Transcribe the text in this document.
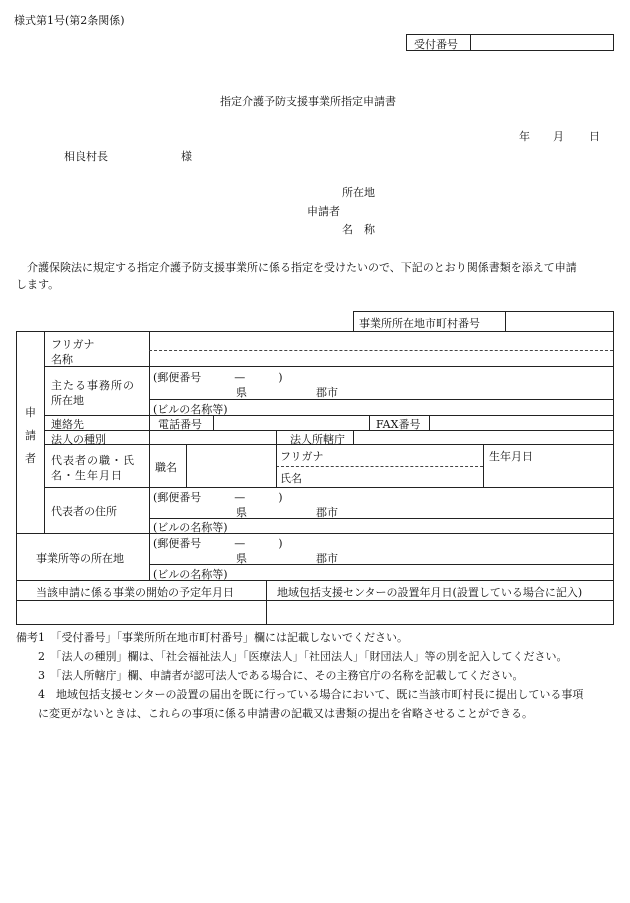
様式第1号(第2条関係)
受付番号
指定介護予防支援事業所指定申請書
年 月 日
相良村長	様
所在地
申請者
名　称
　介護保険法に規定する指定介護予防支援事業所に係る指定を受けたいので、下記のとおり関係書類を添えて申請
します。
事業所所在地市町村番号
申
請
者
フリガナ
名称
主たる事務所の
所在地
(郵便番号　　　—　　　)
県	郡市
(ビルの名称等)
連絡先	電話番号	FAX番号
法人の種別	法人所轄庁
代表者の職・氏
名・生年月日
職名
フリガナ
氏名
生年月日
代表者の住所
(郵便番号　　　—　　　)
県	郡市
(ビルの名称等)
事業所等の所在地
(郵便番号　　　—　　　)
県	郡市
(ビルの名称等)
当該申請に係る事業の開始の予定年月日	地域包括支援センターの設置年月日(設置している場合に記入)
備考1　「受付番号」「事業所所在地市町村番号」欄には記載しないでください。
　　2　「法人の種別」欄は、「社会福祉法人」「医療法人」「社団法人」「財団法人」等の別を記入してください。
　　3　「法人所轄庁」欄、申請者が認可法人である場合に、その主務官庁の名称を記載してください。
　　4　地域包括支援センターの設置の届出を既に行っている場合において、既に当該市町村長に提出している事項
　　に変更がないときは、これらの事項に係る申請書の記載又は書類の提出を省略させることができる。
